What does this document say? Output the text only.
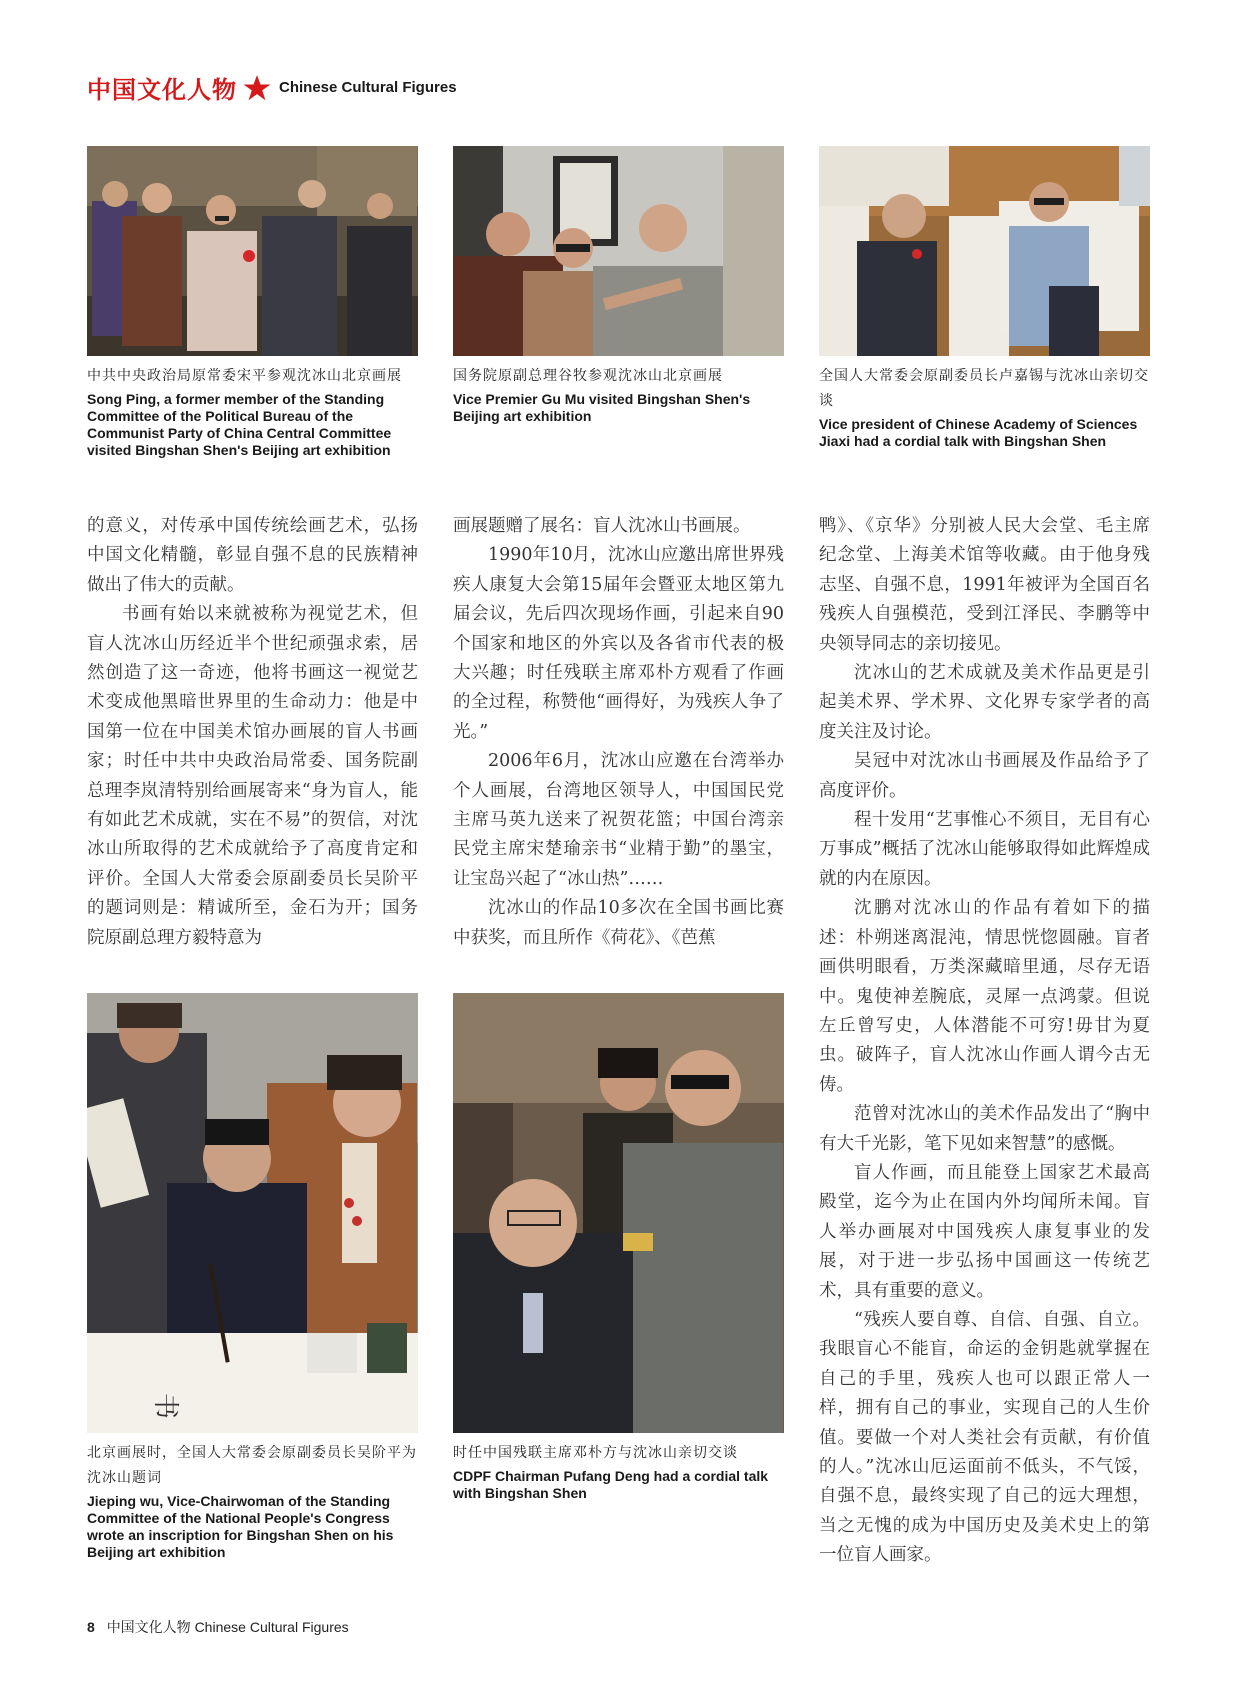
中国文化人物	Chinese Cultural Figures
中共中央政治局原常委宋平参观沈冰山北京画展
Song Ping, a former member of the Standing Committee of the Political Bureau of the Communist Party of China Central Committee visited Bingshan Shen's Beijing art exhibition
国务院原副总理谷牧参观沈冰山北京画展
Vice Premier Gu Mu visited Bingshan Shen's Beijing art exhibition
全国人大常委会原副委员长卢嘉锡与沈冰山亲切交谈
Vice president of Chinese Academy of Sciences Jiaxi had a cordial talk with Bingshan Shen

的意义，对传承中国传统绘画艺术，弘扬中国文化精髓，彰显自强不息的民族精神做出了伟大的贡献。

书画有始以来就被称为视觉艺术，但盲人沈冰山历经近半个世纪顽强求索，居然创造了这一奇迹，他将书画这一视觉艺术变成他黑暗世界里的生命动力：他是中国第一位在中国美术馆办画展的盲人书画家；时任中共中央政治局常委、国务院副总理李岚清特别给画展寄来“身为盲人，能有如此艺术成就，实在不易”的贺信，对沈冰山所取得的艺术成就给予了高度肯定和评价。全国人大常委会原副委员长吴阶平的题词则是：精诚所至，金石为开；国务院原副总理方毅特意为

画展题赠了展名：盲人沈冰山书画展。

1990年10月，沈冰山应邀出席世界残疾人康复大会第15届年会暨亚太地区第九届会议，先后四次现场作画，引起来自90个国家和地区的外宾以及各省市代表的极大兴趣；时任残联主席邓朴方观看了作画的全过程，称赞他“画得好，为残疾人争了光。”

2006年6月，沈冰山应邀在台湾举办个人画展，台湾地区领导人，中国国民党主席马英九送来了祝贺花篮；中国台湾亲民党主席宋楚瑜亲书“业精于勤”的墨宝，让宝岛兴起了“冰山热”……

沈冰山的作品10多次在全国书画比赛中获奖，而且所作《荷花》、《芭蕉

鸭》、《京华》分别被人民大会堂、毛主席纪念堂、上海美术馆等收藏。由于他身残志坚、自强不息，1991年被评为全国百名残疾人自强模范，受到江泽民、李鹏等中央领导同志的亲切接见。

沈冰山的艺术成就及美术作品更是引起美术界、学术界、文化界专家学者的高度关注及讨论。

吴冠中对沈冰山书画展及作品给予了高度评价。

程十发用“艺事惟心不须目，无目有心万事成”概括了沈冰山能够取得如此辉煌成就的内在原因。

沈鹏对沈冰山的作品有着如下的描述：朴朔迷离混沌，情思恍惚圆融。盲者画供明眼看，万类深藏暗里通，尽存无语中。鬼使神差腕底，灵犀一点鸿蒙。但说左丘曾写史，人体潜能不可穷!毋甘为夏虫。破阵子，盲人沈冰山作画人谓今古无俦。

范曾对沈冰山的美术作品发出了“胸中有大千光影，笔下见如来智慧”的感慨。

盲人作画，而且能登上国家艺术最高殿堂，迄今为止在国内外均闻所未闻。盲人举办画展对中国残疾人康复事业的发展，对于进一步弘扬中国画这一传统艺术，具有重要的意义。

“残疾人要自尊、自信、自强、自立。我眼盲心不能盲，命运的金钥匙就掌握在自己的手里，残疾人也可以跟正常人一样，拥有自己的事业，实现自己的人生价值。要做一个对人类社会有贡献，有价值的人。”沈冰山厄运面前不低头，不气馁，自强不息，最终实现了自己的远大理想，当之无愧的成为中国历史及美术史上的第一位盲人画家。

书
北京画展时，全国人大常委会原副委员长吴阶平为沈冰山题词
Jieping wu, Vice-Chairwoman of the Standing Committee of the National People's Congress wrote an inscription for Bingshan Shen on his Beijing art exhibition
时任中国残联主席邓朴方与沈冰山亲切交谈
CDPF Chairman Pufang Deng had a cordial talk with Bingshan Shen
8 中国文化人物 Chinese Cultural Figures
